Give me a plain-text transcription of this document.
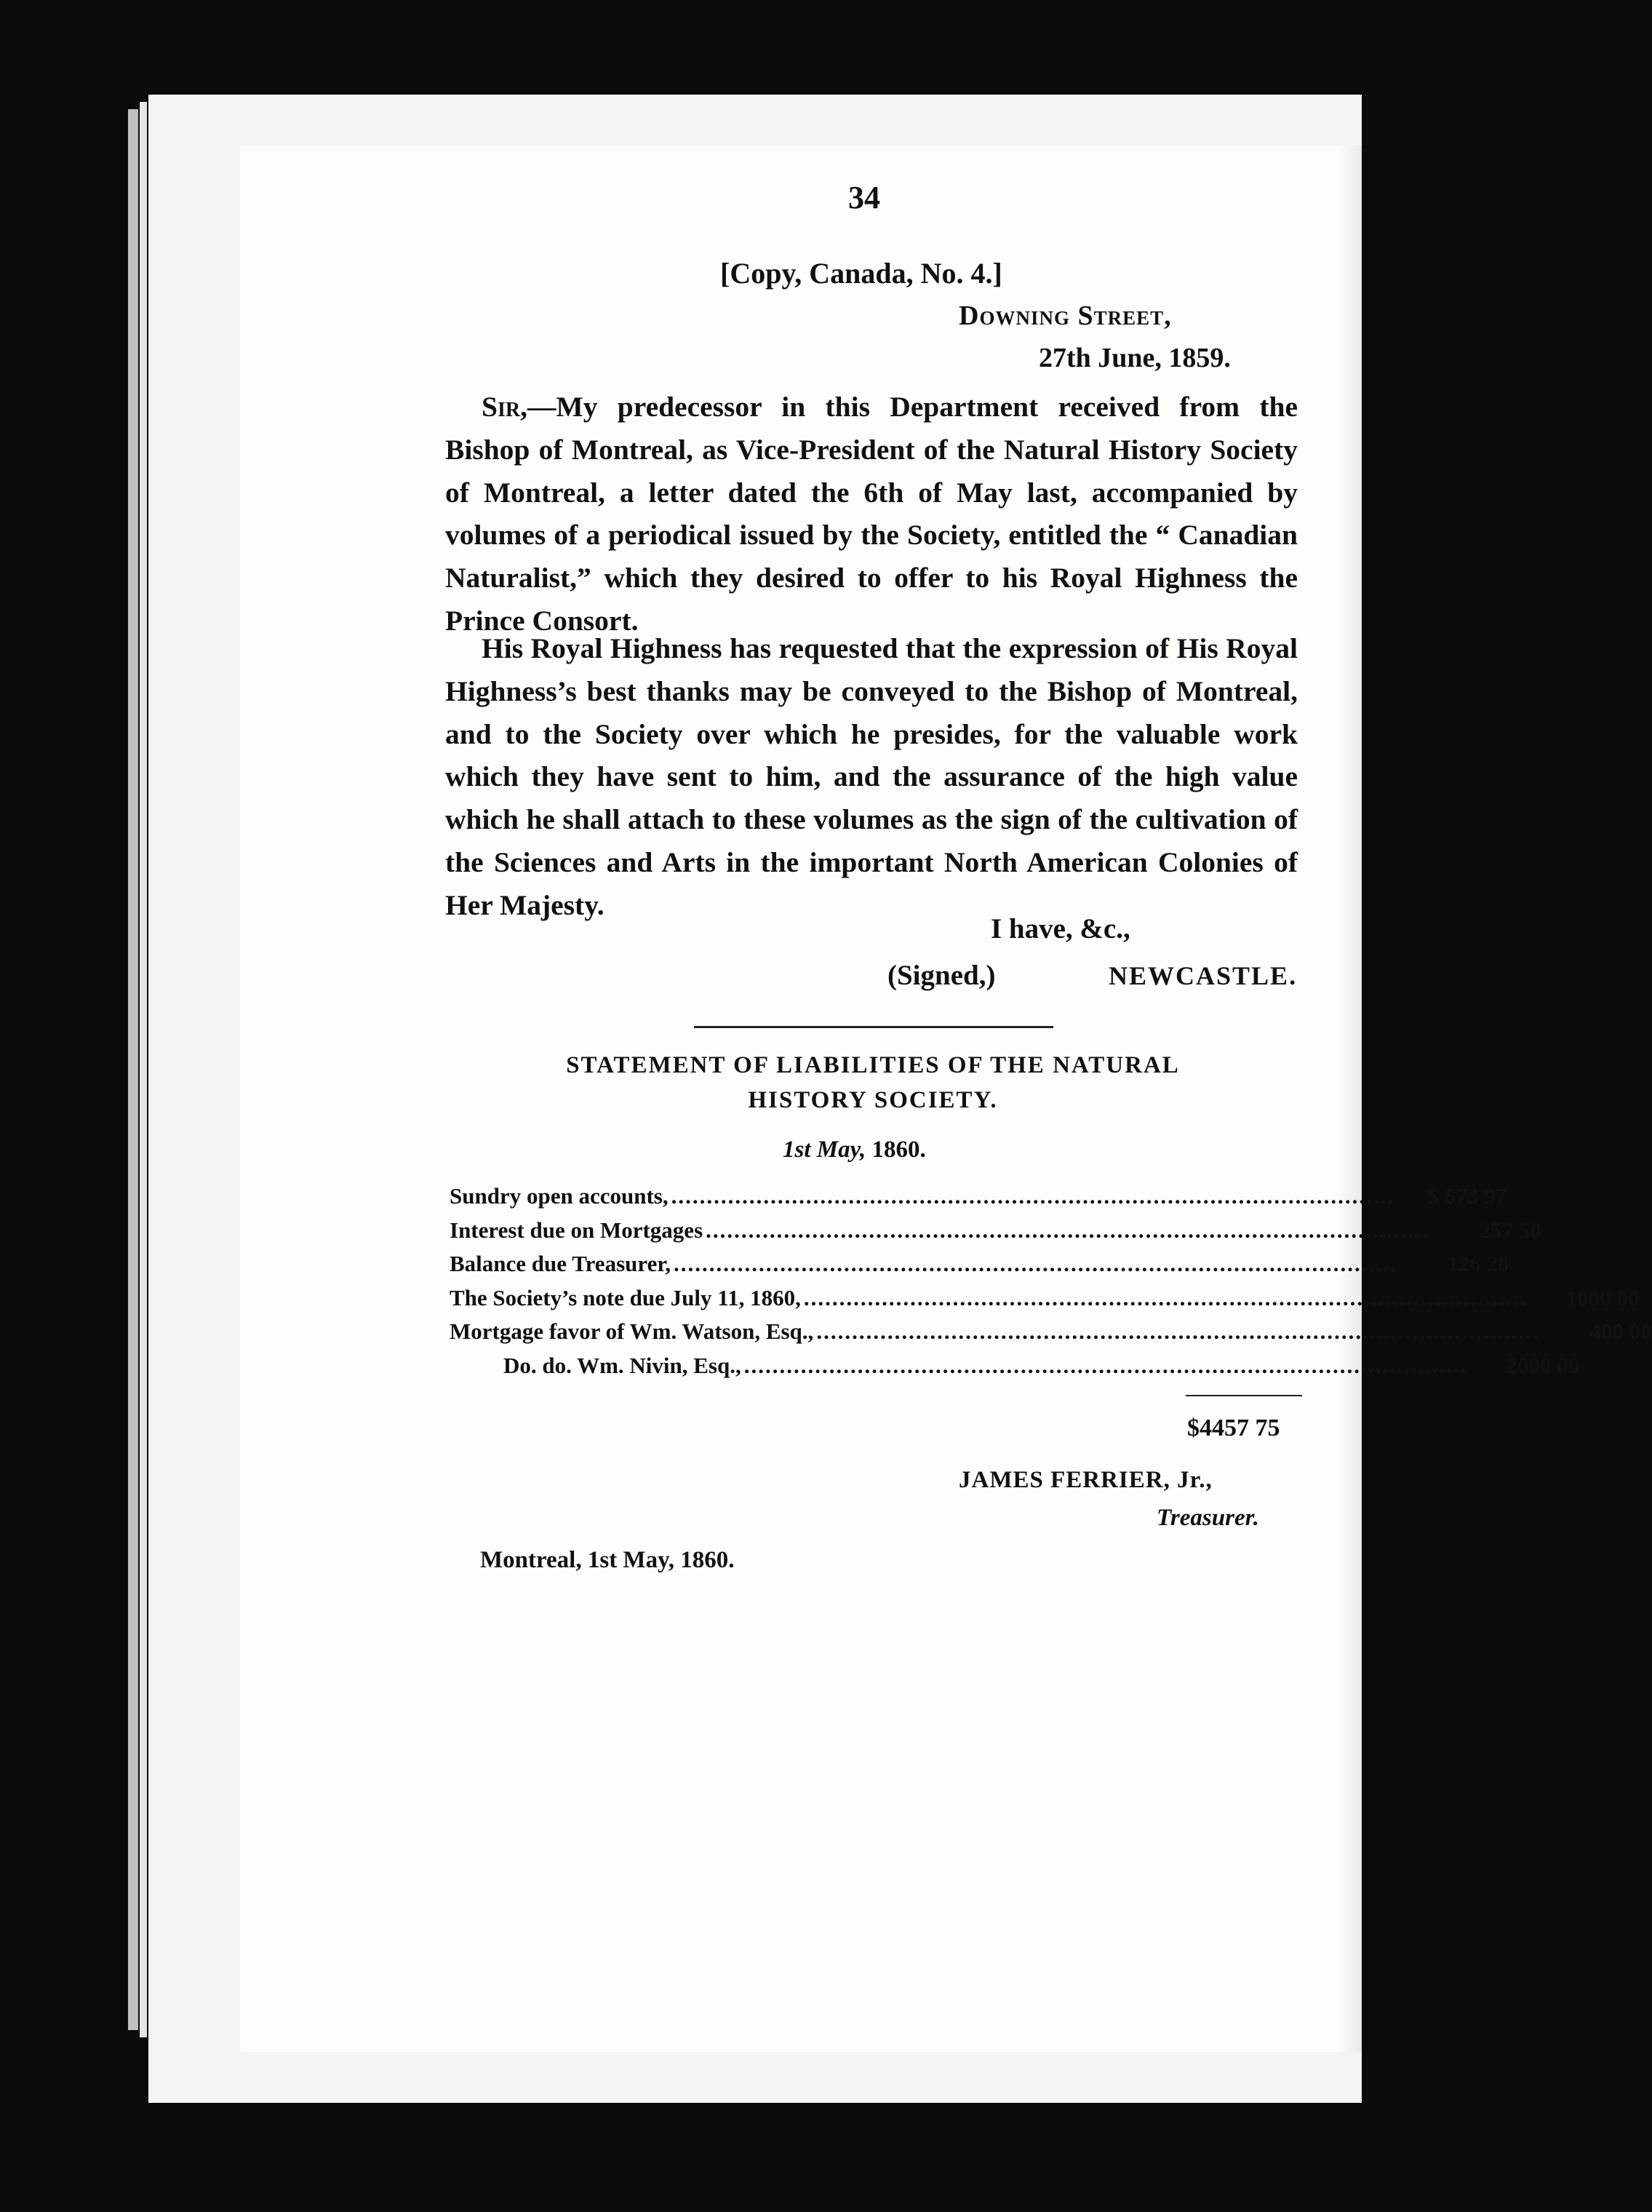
34
[Copy, Canada, No. 4.]
Downing Street,
27th June, 1859.
Sir,—My predecessor in this Department received from the Bishop of Montreal, as Vice-President of the Natural History Society of Montreal, a letter dated the 6th of May last, accompanied by volumes of a periodical issued by the Society, entitled the “ Canadian Naturalist,” which they desired to offer to his Royal Highness the Prince Consort.
His Royal Highness has requested that the expression of His Royal Highness’s best thanks may be conveyed to the Bishop of Montreal, and to the Society over which he presides, for the valuable work which they have sent to him, and the assurance of the high value which he shall attach to these volumes as the sign of the cultivation of the Sciences and Arts in the important North American Colonies of Her Majesty.
I have, &c.,
(Signed,)	NEWCASTLE.
STATEMENT OF LIABILITIES OF THE NATURAL
HISTORY SOCIETY.
1st May, 1860.
Sundry open accounts, ......................................................................................................	$ 673 97
Interest due on Mortgages ......................................................................................................	257 50
Balance due Treasurer, ......................................................................................................	126 28
The Society’s note due July 11, 1860, ......................................................................................................	1000 00
Mortgage favor of Wm. Watson, Esq., ......................................................................................................	400 00
Do. do. Wm. Nivin, Esq., ......................................................................................................	2000 00
$4457 75
JAMES FERRIER, Jr.,
Treasurer.
Montreal, 1st May, 1860.
